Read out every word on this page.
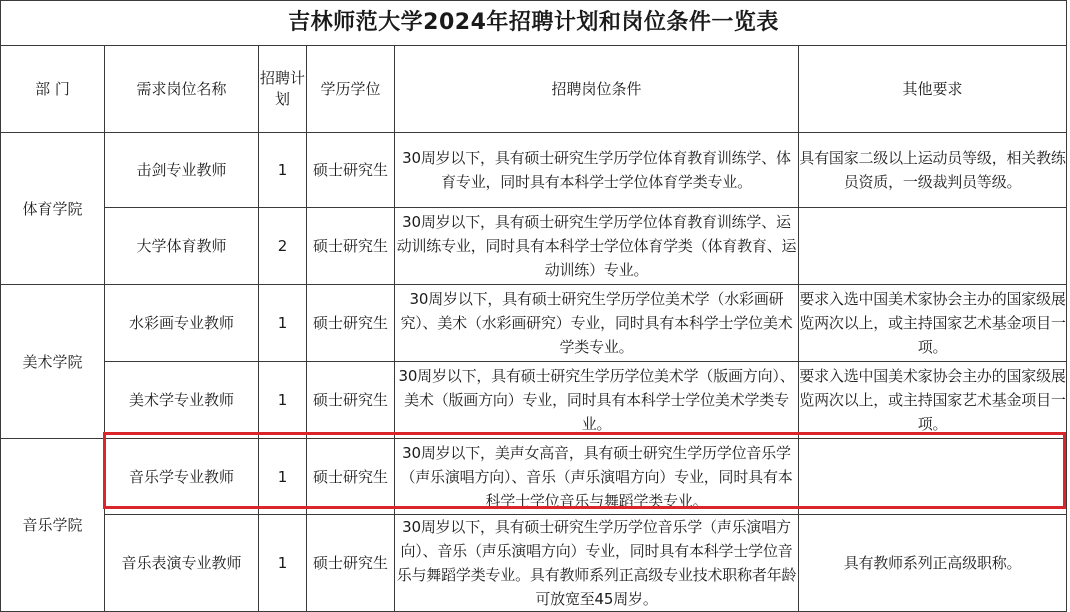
吉林师范大学2024年招聘计划和岗位条件一览表					
部 门	需求岗位名称	招聘计划	学历学位	招聘岗位条件	其他要求
体育学院	击剑专业教师	1	硕士研究生	30周岁以下，具有硕士研究生学历学位体育教育训练学、体育专业，同时具有本科学士学位体育学类专业。	具有国家二级以上运动员等级，相关教练员资质，一级裁判员等级。
	大学体育教师	2	硕士研究生	30周岁以下，具有硕士研究生学历学位体育教育训练学、运动训练专业，同时具有本科学士学位体育学类（体育教育、运动训练）专业。	
美术学院	水彩画专业教师	1	硕士研究生	30周岁以下，具有硕士研究生学历学位美术学（水彩画研究）、美术（水彩画研究）专业，同时具有本科学士学位美术学类专业。	要求入选中国美术家协会主办的国家级展览两次以上，或主持国家艺术基金项目一项。
	美术学专业教师	1	硕士研究生	30周岁以下，具有硕士研究生学历学位美术学（版画方向）、美术（版画方向）专业，同时具有本科学士学位美术学类专业。	要求入选中国美术家协会主办的国家级展览两次以上，或主持国家艺术基金项目一项。
音乐学院	音乐学专业教师	1	硕士研究生	30周岁以下，美声女高音，具有硕士研究生学历学位音乐学（声乐演唱方向）、音乐（声乐演唱方向）专业，同时具有本科学士学位音乐与舞蹈学类专业。	
	音乐表演专业教师	1	硕士研究生	30周岁以下，具有硕士研究生学历学位音乐学（声乐演唱方向）、音乐（声乐演唱方向）专业，同时具有本科学士学位音乐与舞蹈学类专业。具有教师系列正高级专业技术职称者年龄可放宽至45周岁。	具有教师系列正高级职称。
